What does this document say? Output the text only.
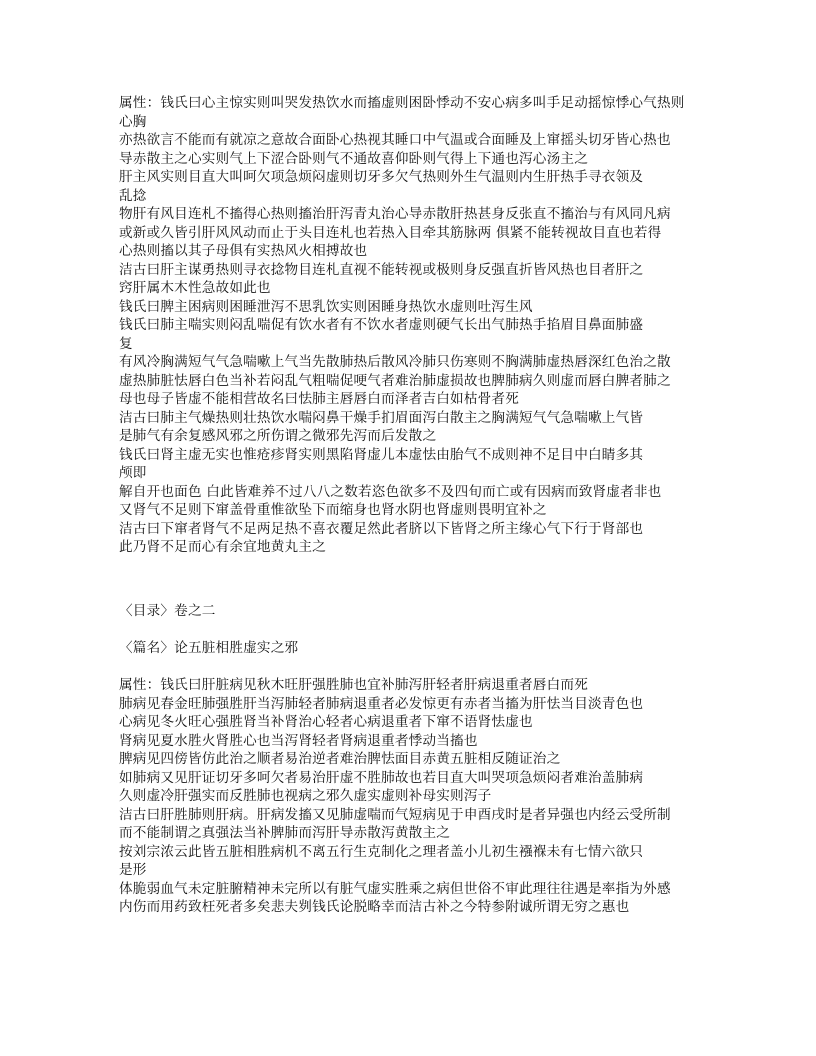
属性：钱氏曰心主惊实则叫哭发热饮水而搐虚则困卧悸动不安心病多叫手足动摇惊悸心气热则
心胸
亦热欲言不能而有就凉之意故合面卧心热视其睡口中气温或合面睡及上窜摇头切牙皆心热也
导赤散主之心实则气上下涩合卧则气不通故喜仰卧则气得上下通也泻心汤主之
肝主风实则目直大叫呵欠项急烦闷虚则切牙多欠气热则外生气温则内生肝热手寻衣领及
乱捻
物肝有风目连札不搐得心热则搐治肝泻青丸治心导赤散肝热甚身反张直不搐治与有风同凡病
或新或久皆引肝风风动而止于头目连札也若热入目牵其筋脉两 俱紧不能转视故目直也若得
心热则搐以其子母俱有实热风火相搏故也
洁古曰肝主谋勇热则寻衣捻物目连札直视不能转视或极则身反强直折皆风热也目者肝之
窍肝属木木性急故如此也
钱氏曰脾主困病则困睡泄泻不思乳饮实则困睡身热饮水虚则吐泻生风
钱氏曰肺主喘实则闷乱喘促有饮水者有不饮水者虚则硬气长出气肺热手掐眉目鼻面肺盛
复
有风冷胸满短气气急喘嗽上气当先散肺热后散风冷肺只伤寒则不胸满肺虚热唇深红色治之散
虚热肺脏怯唇白色当补若闷乱气粗喘促哽气者难治肺虚损故也脾肺病久则虚而唇白脾者肺之
母也母子皆虚不能相营故名曰怯肺主唇唇白而泽者吉白如枯骨者死
洁古曰肺主气燥热则壮热饮水喘闷鼻干燥手扪眉面泻白散主之胸满短气气急喘嗽上气皆
是肺气有余复感风邪之所伤谓之微邪先泻而后发散之
钱氏曰肾主虚无实也惟疮疹肾实则黑陷肾虚儿本虚怯由胎气不成则神不足目中白睛多其
颅即
解自开也面色 白此皆难养不过八八之数若恣色欲多不及四旬而亡或有因病而致肾虚者非也
又肾气不足则下窜盖骨重惟欲坠下而缩身也肾水阴也肾虚则畏明宜补之
洁古曰下窜者肾气不足两足热不喜衣覆足然此者脐以下皆肾之所主缘心气下行于肾部也
此乃肾不足而心有余宜地黄丸主之
〈目录〉卷之二
〈篇名〉论五脏相胜虚实之邪
属性：钱氏曰肝脏病见秋木旺肝强胜肺也宜补肺泻肝轻者肝病退重者唇白而死
肺病见春金旺肺强胜肝当泻肺轻者肺病退重者必发惊更有赤者当搐为肝怯当目淡青色也
心病见冬火旺心强胜肾当补肾治心轻者心病退重者下窜不语肾怯虚也
肾病见夏水胜火肾胜心也当泻肾轻者肾病退重者悸动当搐也
脾病见四傍皆仿此治之顺者易治逆者难治脾怯面目赤黄五脏相反随证治之
如肺病又见肝证切牙多呵欠者易治肝虚不胜肺故也若目直大叫哭项急烦闷者难治盖肺病
久则虚冷肝强实而反胜肺也视病之邪久虚实虚则补母实则泻子
洁古曰肝胜肺则肝病。肝病发搐又见肺虚喘而气短病见于申酉戌时是者异强也内经云受所制
而不能制谓之真强法当补脾肺而泻肝导赤散泻黄散主之
按刘宗浓云此皆五脏相胜病机不离五行生克制化之理者盖小儿初生襁褓未有七情六欲只
是形
体脆弱血气未定脏腑精神未完所以有脏气虚实胜乘之病但世俗不审此理往往遇是率指为外感
内伤而用药致枉死者多矣悲夫刿钱氏论脱略幸而洁古补之今特参附诚所谓无穷之惠也
